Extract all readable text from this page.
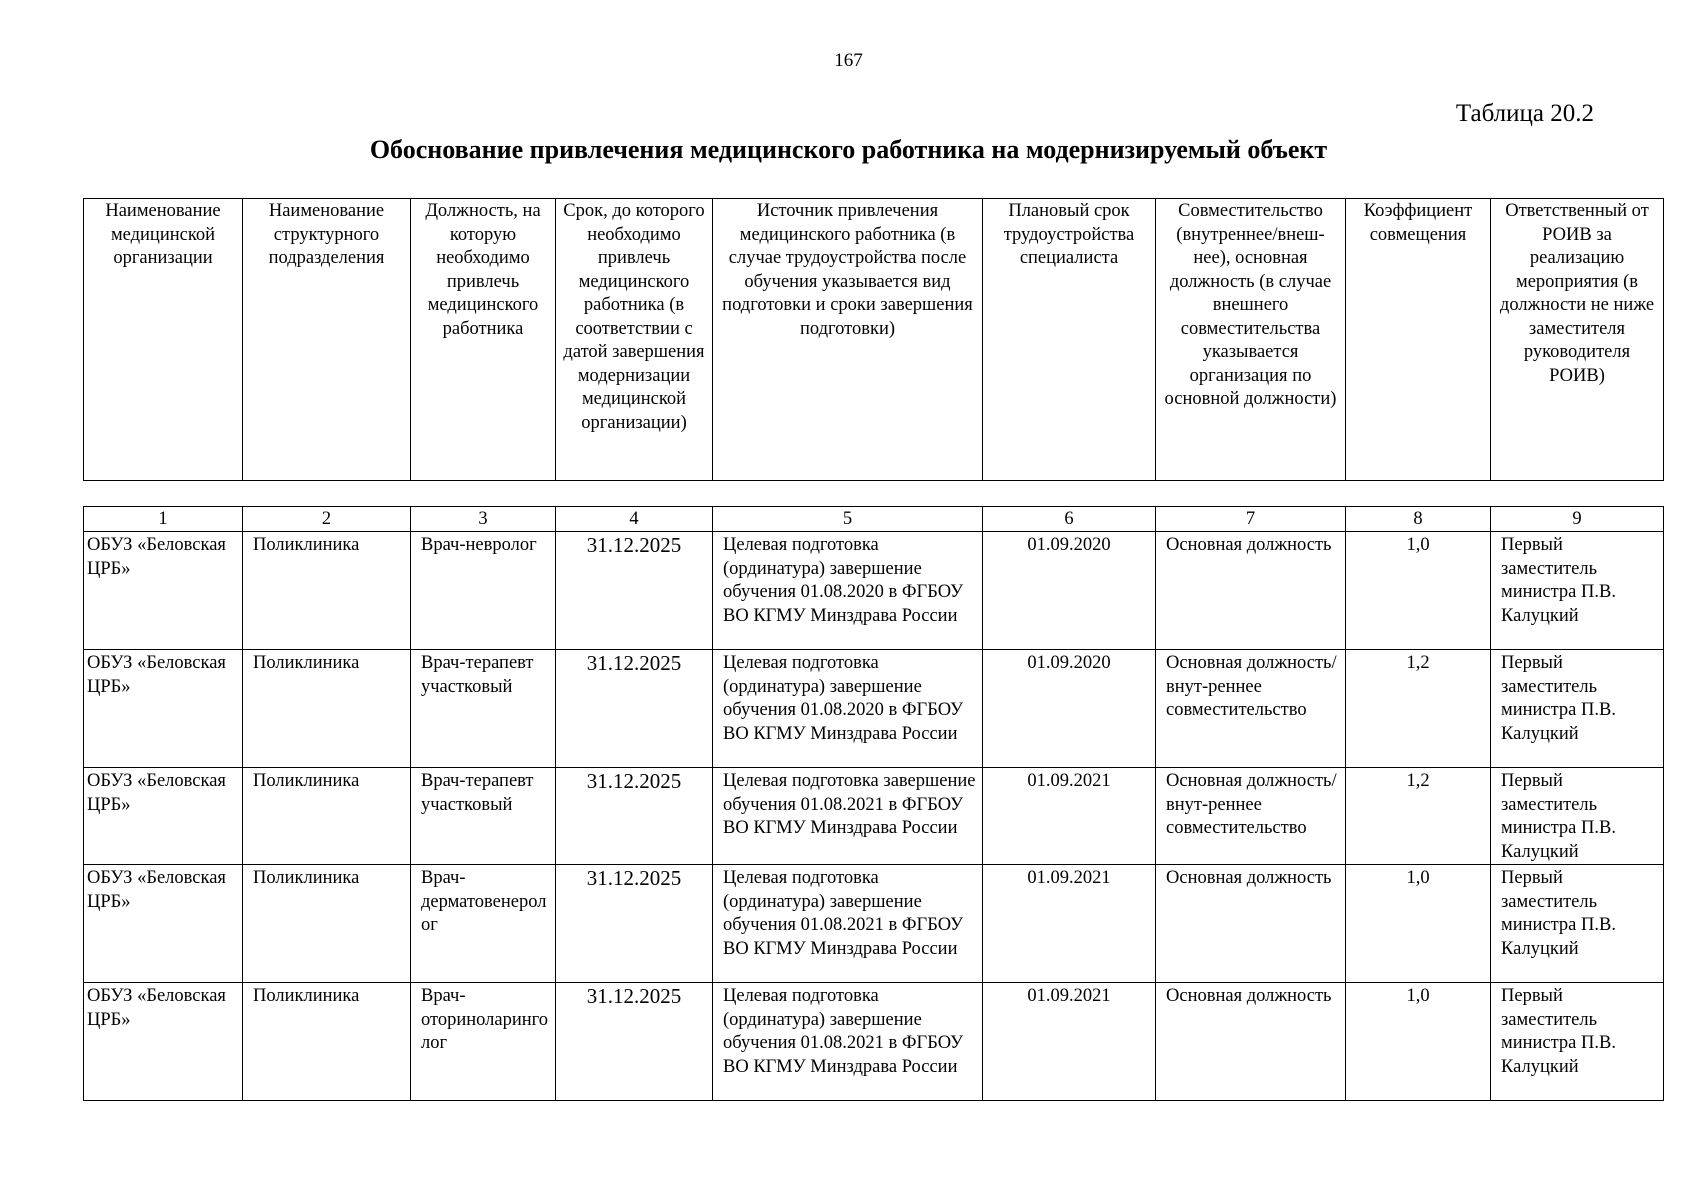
167
Таблица 20.2
Обоснование привлечения медицинского работника на модернизируемый объект
Наименование медицинской организации	Наименование структурного подразделения	Должность, на которую необходимо привлечь медицинского работника	Срок, до которого необходимо привлечь медицинского работника (в соответствии с датой завершения модернизации медицинской организации)	Источник привлечения медицинского работника (в случае трудоустройства после обучения указывается вид подготовки и сроки завершения подготовки)	Плановый срок трудоустройства специалиста	Совместительство (внутреннее/внеш-нее), основная должность (в случае внешнего совместительства указывается организация по основной должности)	Коэффициент совмещения	Ответственный от РОИВ за реализацию мероприятия (в должности не ниже заместителя руководителя РОИВ)
1	2	3	4	5	6	7	8	9
ОБУЗ «Беловская ЦРБ»	Поликлиника	Врач-невролог	31.12.2025	Целевая подготовка (ординатура) завершение обучения 01.08.2020 в ФГБОУ ВО КГМУ Минздрава России	01.09.2020	Основная должность	1,0	Первый заместитель министра П.В. Калуцкий
ОБУЗ «Беловская ЦРБ»	Поликлиника	Врач-терапевт участковый	31.12.2025	Целевая подготовка (ординатура) завершение обучения 01.08.2020 в ФГБОУ ВО КГМУ Минздрава России	01.09.2020	Основная должность/внут-реннее совместительство	1,2	Первый заместитель министра П.В. Калуцкий
ОБУЗ «Беловская ЦРБ»	Поликлиника	Врач-терапевт участковый	31.12.2025	Целевая подготовка завершение обучения 01.08.2021 в ФГБОУ ВО КГМУ Минздрава России	01.09.2021	Основная должность/внут-реннее совместительство	1,2	Первый заместитель министра П.В. Калуцкий
ОБУЗ «Беловская ЦРБ»	Поликлиника	Врач-дерматовенеролог	31.12.2025	Целевая подготовка (ординатура) завершение обучения 01.08.2021 в ФГБОУ ВО КГМУ Минздрава России	01.09.2021	Основная должность	1,0	Первый заместитель министра П.В. Калуцкий
ОБУЗ «Беловская ЦРБ»	Поликлиника	Врач-оториноларинголог	31.12.2025	Целевая подготовка (ординатура) завершение обучения 01.08.2021 в ФГБОУ ВО КГМУ Минздрава России	01.09.2021	Основная должность	1,0	Первый заместитель министра П.В. Калуцкий
